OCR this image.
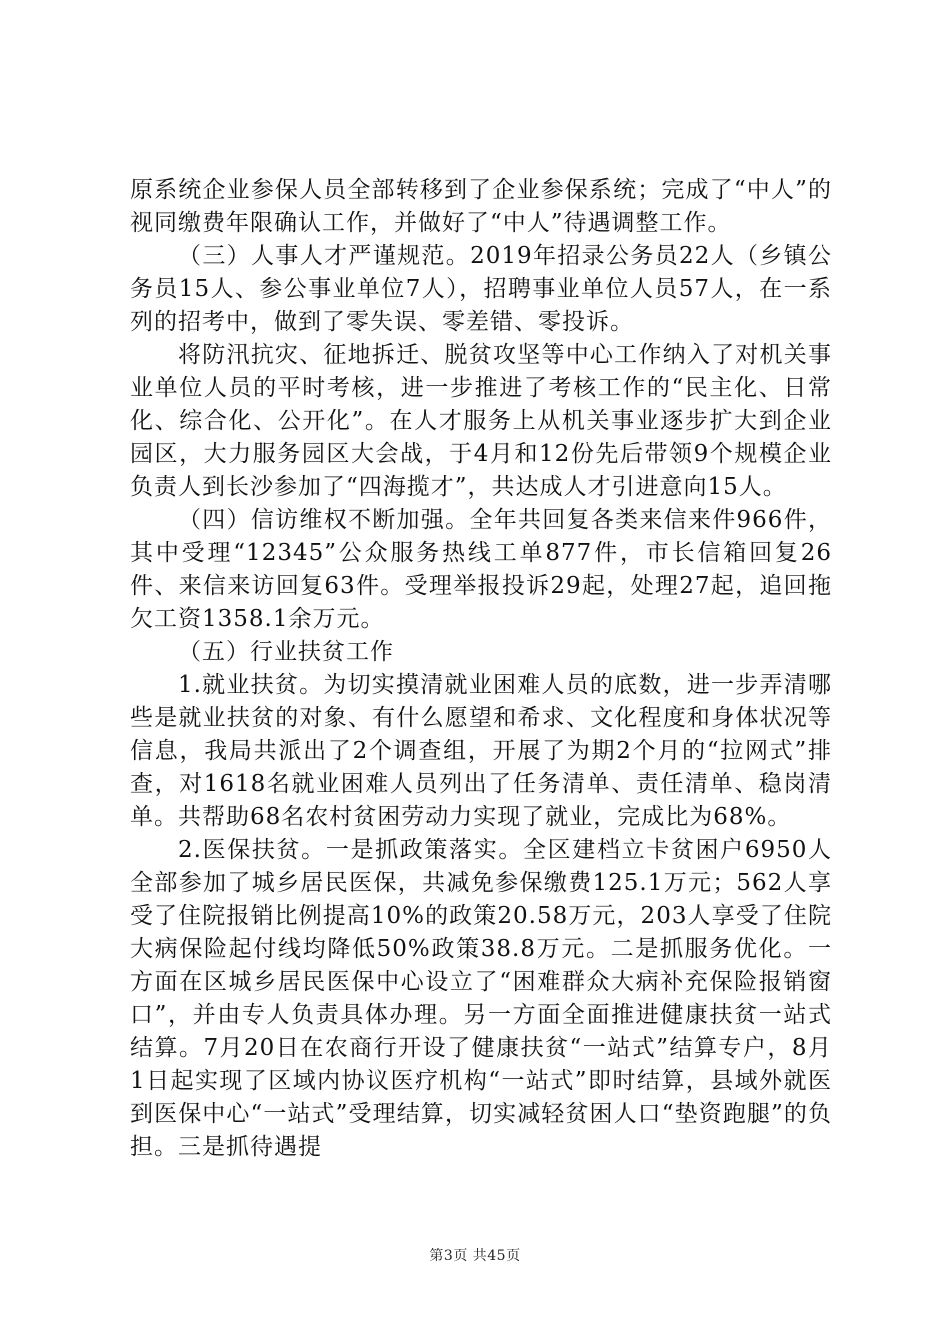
原系统企业参保人员全部转移到了企业参保系统；完成了“中人”的视同缴费年限确认工作，并做好了“中人”待遇调整工作。

（三）人事人才严谨规范。2019年招录公务员22人（乡镇公务员15人、参公事业单位7人），招聘事业单位人员57人，在一系列的招考中，做到了零失误、零差错、零投诉。

将防汛抗灾、征地拆迁、脱贫攻坚等中心工作纳入了对机关事业单位人员的平时考核，进一步推进了考核工作的“民主化、日常化、综合化、公开化”。在人才服务上从机关事业逐步扩大到企业园区，大力服务园区大会战，于4月和12份先后带领9个规模企业负责人到长沙参加了“四海揽才”，共达成人才引进意向15人。

（四）信访维权不断加强。全年共回复各类来信来件966件，其中受理“12345”公众服务热线工单877件，市长信箱回复26件、来信来访回复63件。受理举报投诉29起，处理27起，追回拖欠工资1358.1余万元。

（五）行业扶贫工作

1.就业扶贫。为切实摸清就业困难人员的底数，进一步弄清哪些是就业扶贫的对象、有什么愿望和希求、文化程度和身体状况等信息，我局共派出了2个调查组，开展了为期2个月的“拉网式”排查，对1618名就业困难人员列出了任务清单、责任清单、稳岗清单。共帮助68名农村贫困劳动力实现了就业，完成比为68%。

2.医保扶贫。一是抓政策落实。全区建档立卡贫困户6950人全部参加了城乡居民医保，共减免参保缴费125.1万元；562人享受了住院报销比例提高10%的政策20.58万元，203人享受了住院大病保险起付线均降低50%政策38.8万元。二是抓服务优化。一方面在区城乡居民医保中心设立了“困难群众大病补充保险报销窗口”，并由专人负责具体办理。另一方面全面推进健康扶贫一站式结算。7月20日在农商行开设了健康扶贫“一站式”结算专户，8月1日起实现了区域内协议医疗机构“一站式”即时结算，县域外就医到医保中心“一站式”受理结算，切实减轻贫困人口“垫资跑腿”的负担。三是抓待遇提

第3页 共45页
